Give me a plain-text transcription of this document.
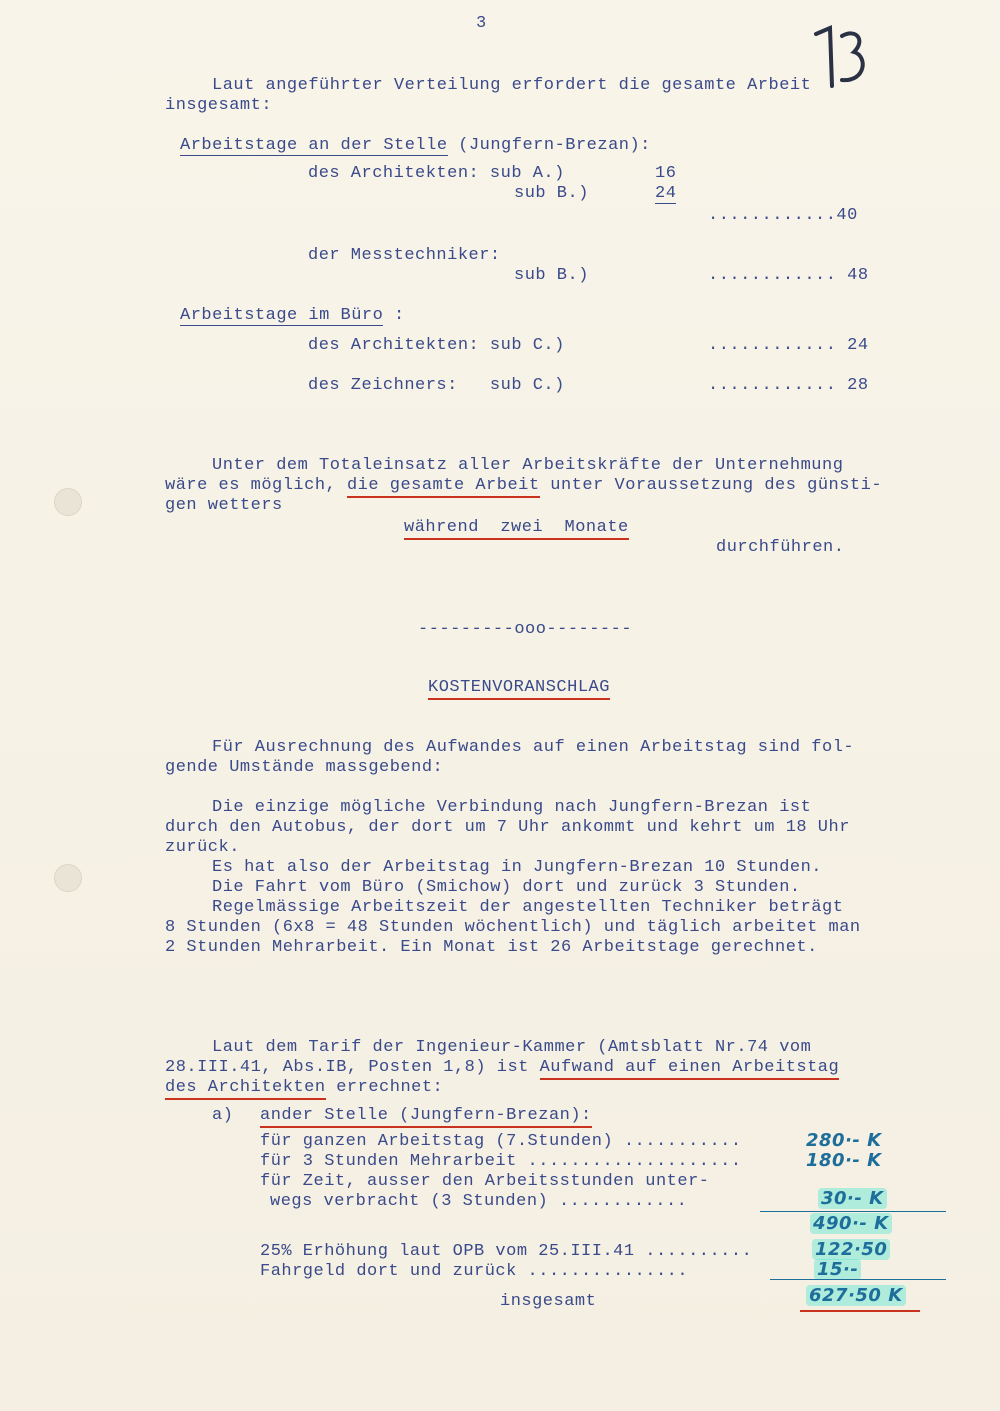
3
Laut angeführter Verteilung erfordert die gesamte Arbeit
insgesamt:
Arbeitstage an der Stelle (Jungfern-Brezan):
des Architekten: sub A.)	16
sub B.)	24
............40
der Messtechniker:
sub B.)	............ 48
Arbeitstage im Büro :
des Architekten: sub C.)	............ 24
des Zeichners:   sub C.)	............ 28
Unter dem Totaleinsatz aller Arbeitskräfte der Unternehmung
wäre es möglich, die gesamte Arbeit unter Voraussetzung des günsti-
gen wetters
während  zwei  Monate
durchführen.
---------ooo--------
KOSTENVORANSCHLAG
Für Ausrechnung des Aufwandes auf einen Arbeitstag sind fol-
gende Umstände massgebend:
Die einzige mögliche Verbindung nach Jungfern-Brezan ist
durch den Autobus, der dort um 7 Uhr ankommt und kehrt um 18 Uhr
zurück.
Es hat also der Arbeitstag in Jungfern-Brezan 10 Stunden.
Die Fahrt vom Büro (Smichow) dort und zurück 3 Stunden.
Regelmässige Arbeitszeit der angestellten Techniker beträgt
8 Stunden (6x8 = 48 Stunden wöchentlich) und täglich arbeitet man
2 Stunden Mehrarbeit. Ein Monat ist 26 Arbeitstage gerechnet.
Laut dem Tarif der Ingenieur-Kammer (Amtsblatt Nr.74 vom
28.III.41, Abs.IB, Posten 1,8) ist Aufwand auf einen Arbeitstag
des Architekten errechnet:
a) ander Stelle (Jungfern-Brezan):
für ganzen Arbeitstag (7.Stunden) ...........	280·- K
für 3 Stunden Mehrarbeit ....................	180·- K
für Zeit, ausser den Arbeitsstunden unter-
wegs verbracht (3 Stunden) ............	30·- K
490·- K
25% Erhöhung laut OPB vom 25.III.41 ..........	122·50
Fahrgeld dort und zurück ...............	15·-
insgesamt	627·50 K
